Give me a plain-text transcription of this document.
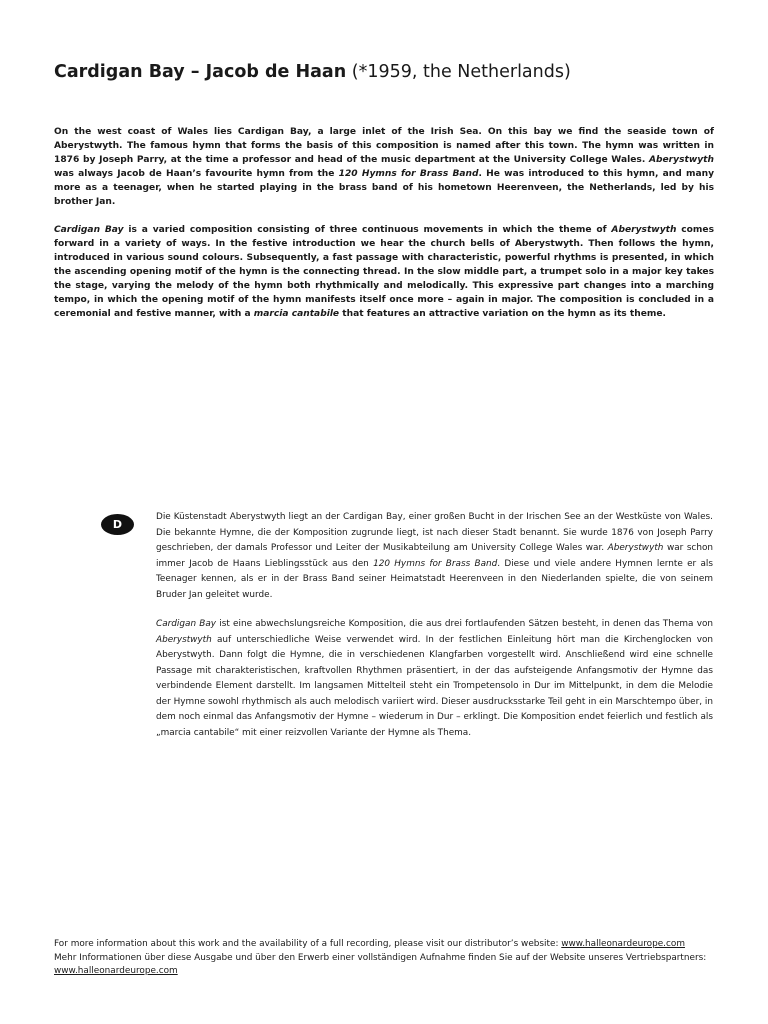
Cardigan Bay – Jacob de Haan (*1959, the Netherlands)

On the west coast of Wales lies Cardigan Bay, a large inlet of the Irish Sea. On this bay we find the seaside town of Aberystwyth. The famous hymn that forms the basis of this composition is named after this town. The hymn was written in 1876 by Joseph Parry, at the time a professor and head of the music department at the University College Wales. Aberystwyth was always Jacob de Haan’s favourite hymn from the 120 Hymns for Brass Band. He was introduced to this hymn, and many more as a teenager, when he started playing in the brass band of his hometown Heerenveen, the Netherlands, led by his brother Jan.

Cardigan Bay is a varied composition consisting of three continuous movements in which the theme of Aberystwyth comes forward in a variety of ways. In the festive introduction we hear the church bells of Aberystwyth. Then follows the hymn, introduced in various sound colours. Subsequently, a fast passage with characteristic, powerful rhythms is presented, in which the ascending opening motif of the hymn is the connecting thread. In the slow middle part, a trumpet solo in a major key takes the stage, varying the melody of the hymn both rhythmically and melodically. This expressive part changes into a marching tempo, in which the opening motif of the hymn manifests itself once more – again in major. The composition is concluded in a ceremonial and festive manner, with a marcia cantabile that features an attractive variation on the hymn as its theme.

D

Die Küstenstadt Aberystwyth liegt an der Cardigan Bay, einer großen Bucht in der Irischen See an der Westküste von Wales. Die bekannte Hymne, die der Komposition zugrunde liegt, ist nach dieser Stadt benannt. Sie wurde 1876 von Joseph Parry geschrieben, der damals Professor und Leiter der Musikabteilung am University College Wales war. Aberystwyth war schon immer Jacob de Haans Lieblingsstück aus den 120 Hymns for Brass Band. Diese und viele andere Hymnen lernte er als Teenager kennen, als er in der Brass Band seiner Heimatstadt Heerenveen in den Niederlanden spielte, die von seinem Bruder Jan geleitet wurde.

Cardigan Bay ist eine abwechslungsreiche Komposition, die aus drei fortlaufenden Sätzen besteht, in denen das Thema von Aberystwyth auf unterschiedliche Weise verwendet wird. In der festlichen Einleitung hört man die Kirchenglocken von Aberystwyth. Dann folgt die Hymne, die in verschiedenen Klangfarben vorgestellt wird. Anschließend wird eine schnelle Passage mit charakteristischen, kraftvollen Rhythmen präsentiert, in der das aufsteigende Anfangsmotiv der Hymne das verbindende Element darstellt. Im langsamen Mittelteil steht ein Trompetensolo in Dur im Mittelpunkt, in dem die Melodie der Hymne sowohl rhythmisch als auch melodisch variiert wird. Dieser ausdrucksstarke Teil geht in ein Marschtempo über, in dem noch einmal das Anfangsmotiv der Hymne – wiederum in Dur – erklingt. Die Komposition endet feierlich und festlich als „marcia cantabile“ mit einer reizvollen Variante der Hymne als Thema.

For more information about this work and the availability of a full recording, please visit our distributor’s website: www.halleonardeurope.com

Mehr Informationen über diese Ausgabe und über den Erwerb einer vollständigen Aufnahme finden Sie auf der Website unseres Vertriebspartners: www.halleonardeurope.com
